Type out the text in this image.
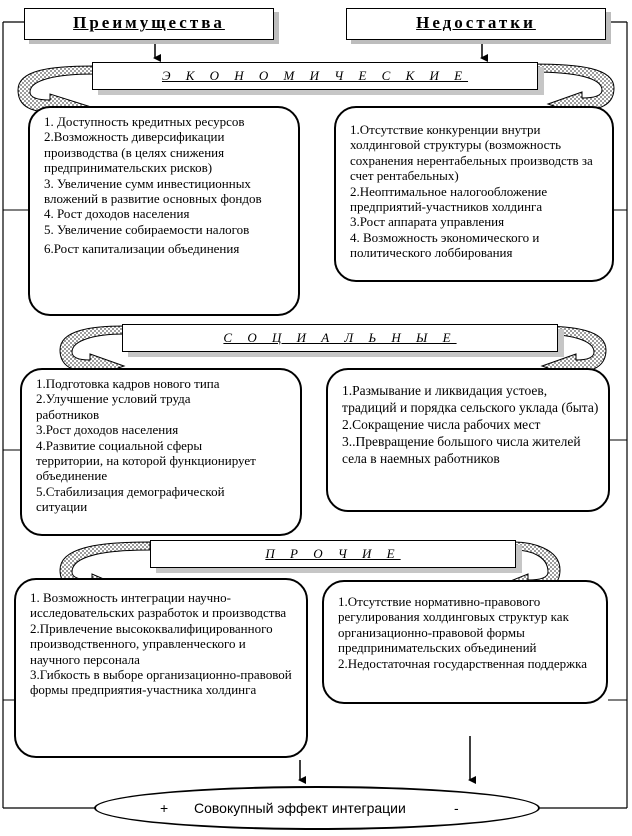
Преимущества	Недостатки
Э К О Н О М И Ч Е С К И Е
1. Доступность кредитных ресурсов
2.Возможность диверсификации производства (в целях снижения предпринимательских рисков)
3. Увеличение сумм инвестиционных вложений в развитие основных фондов
4. Рост доходов населения
5. Увеличение собираемости налогов
6.Рост капитализации объединения
1.Отсутствие конкуренции внутри холдинговой структуры (возможность сохранения нерентабельных производств за счет рентабельных)
2.Неоптимальное налогообложение предприятий-участников холдинга
3.Рост аппарата управления
4. Возможность экономического и политического лоббирования
С О Ц И А Л Ь Н Ы Е
1.Подготовка кадров нового типа
2.Улучшение условий труда работников
3.Рост доходов населения
4.Развитие социальной сферы территории, на которой функционирует объединение
5.Стабилизация демографической ситуации
1.Размывание и ликвидация устоев, традиций и порядка сельского уклада (быта)
2.Сокращение числа рабочих мест
3..Превращение большого числа жителей села в наемных работников
П Р О Ч И Е
1. Возможность интеграции научно-исследовательских разработок и производства
2.Привлечение высококвалифицированного производственного, управленческого и научного персонала
3.Гибкость в выборе организационно-правовой формы предприятия-участника холдинга
1.Отсутствие нормативно-правового регулирования холдинговых структур как организационно-правовой формы предпринимательских объединений
2.Недостаточная государственная поддержка
+ Совокупный эффект интеграции	-
